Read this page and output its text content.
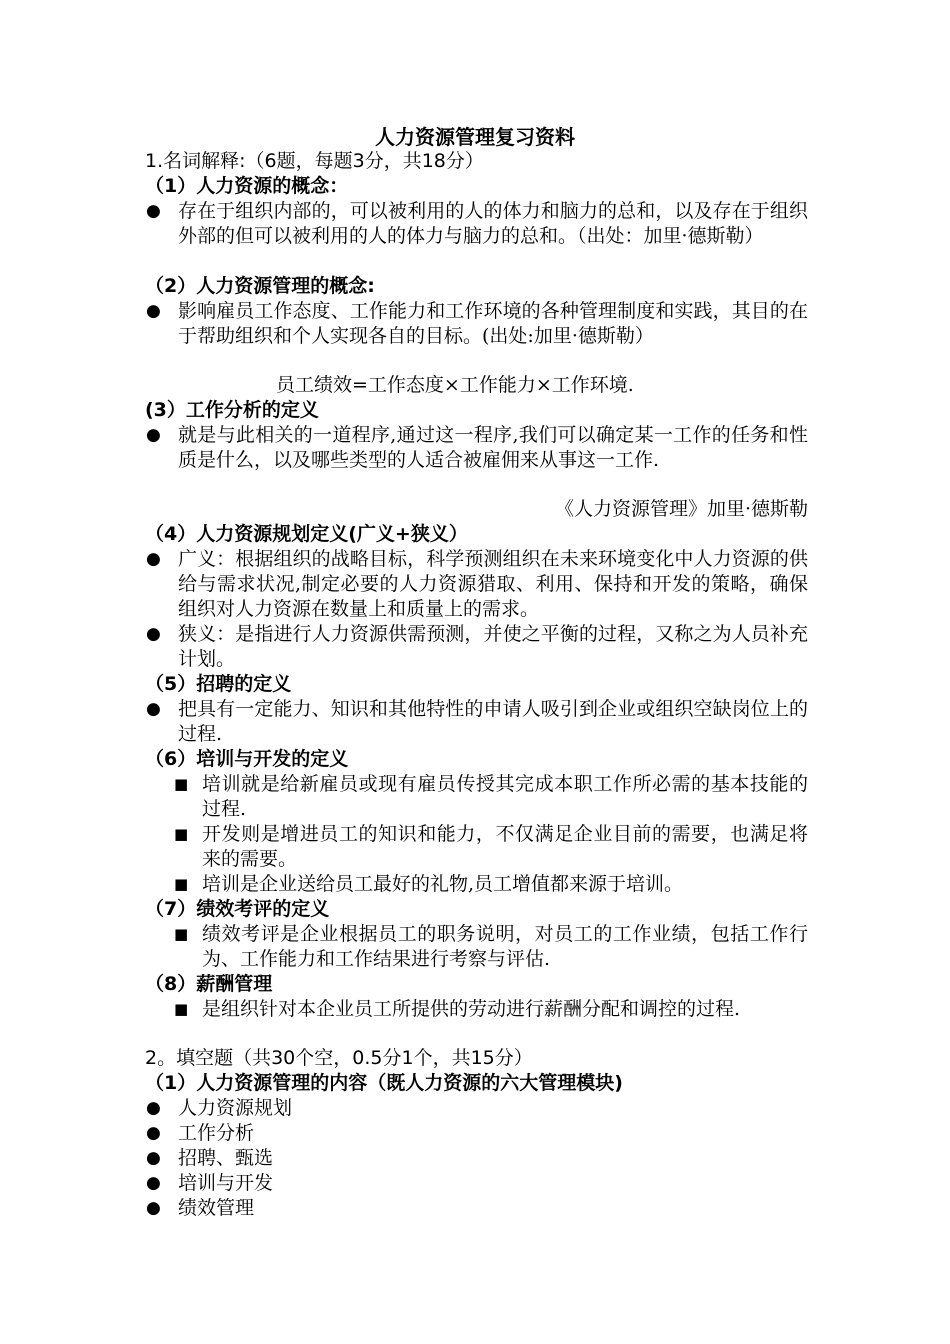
人力资源管理复习资料
1.名词解释:（6题，每题3分，共18分）
（1）人力资源的概念：
● 存在于组织内部的，可以被利用的人的体力和脑力的总和，以及存在于组织外部的但可以被利用的人的体力与脑力的总和。（出处：加里·德斯勒）
（2）人力资源管理的概念:
● 影响雇员工作态度、工作能力和工作环境的各种管理制度和实践，其目的在于帮助组织和个人实现各自的目标。(出处:加里·德斯勒）
员工绩效=工作态度×工作能力×工作环境.
(3）工作分析的定义
● 就是与此相关的一道程序,通过这一程序,我们可以确定某一工作的任务和性质是什么，以及哪些类型的人适合被雇佣来从事这一工作.
《人力资源管理》加里·德斯勒
（4）人力资源规划定义(广义+狭义）
● 广义：根据组织的战略目标，科学预测组织在未来环境变化中人力资源的供给与需求状况,制定必要的人力资源猎取、利用、保持和开发的策略，确保组织对人力资源在数量上和质量上的需求。
● 狭义：是指进行人力资源供需预测，并使之平衡的过程，又称之为人员补充计划。
（5）招聘的定义
● 把具有一定能力、知识和其他特性的申请人吸引到企业或组织空缺岗位上的过程.
（6）培训与开发的定义
■ 培训就是给新雇员或现有雇员传授其完成本职工作所必需的基本技能的过程.
■ 开发则是增进员工的知识和能力，不仅满足企业目前的需要，也满足将来的需要。
■ 培训是企业送给员工最好的礼物,员工增值都来源于培训。
（7）绩效考评的定义
■ 绩效考评是企业根据员工的职务说明，对员工的工作业绩，包括工作行为、工作能力和工作结果进行考察与评估.
（8）薪酬管理
■ 是组织针对本企业员工所提供的劳动进行薪酬分配和调控的过程.
2。填空题（共30个空，0.5分1个，共15分）
（1）人力资源管理的内容（既人力资源的六大管理模块)
● 人力资源规划
● 工作分析
● 招聘、甄选
● 培训与开发
● 绩效管理
